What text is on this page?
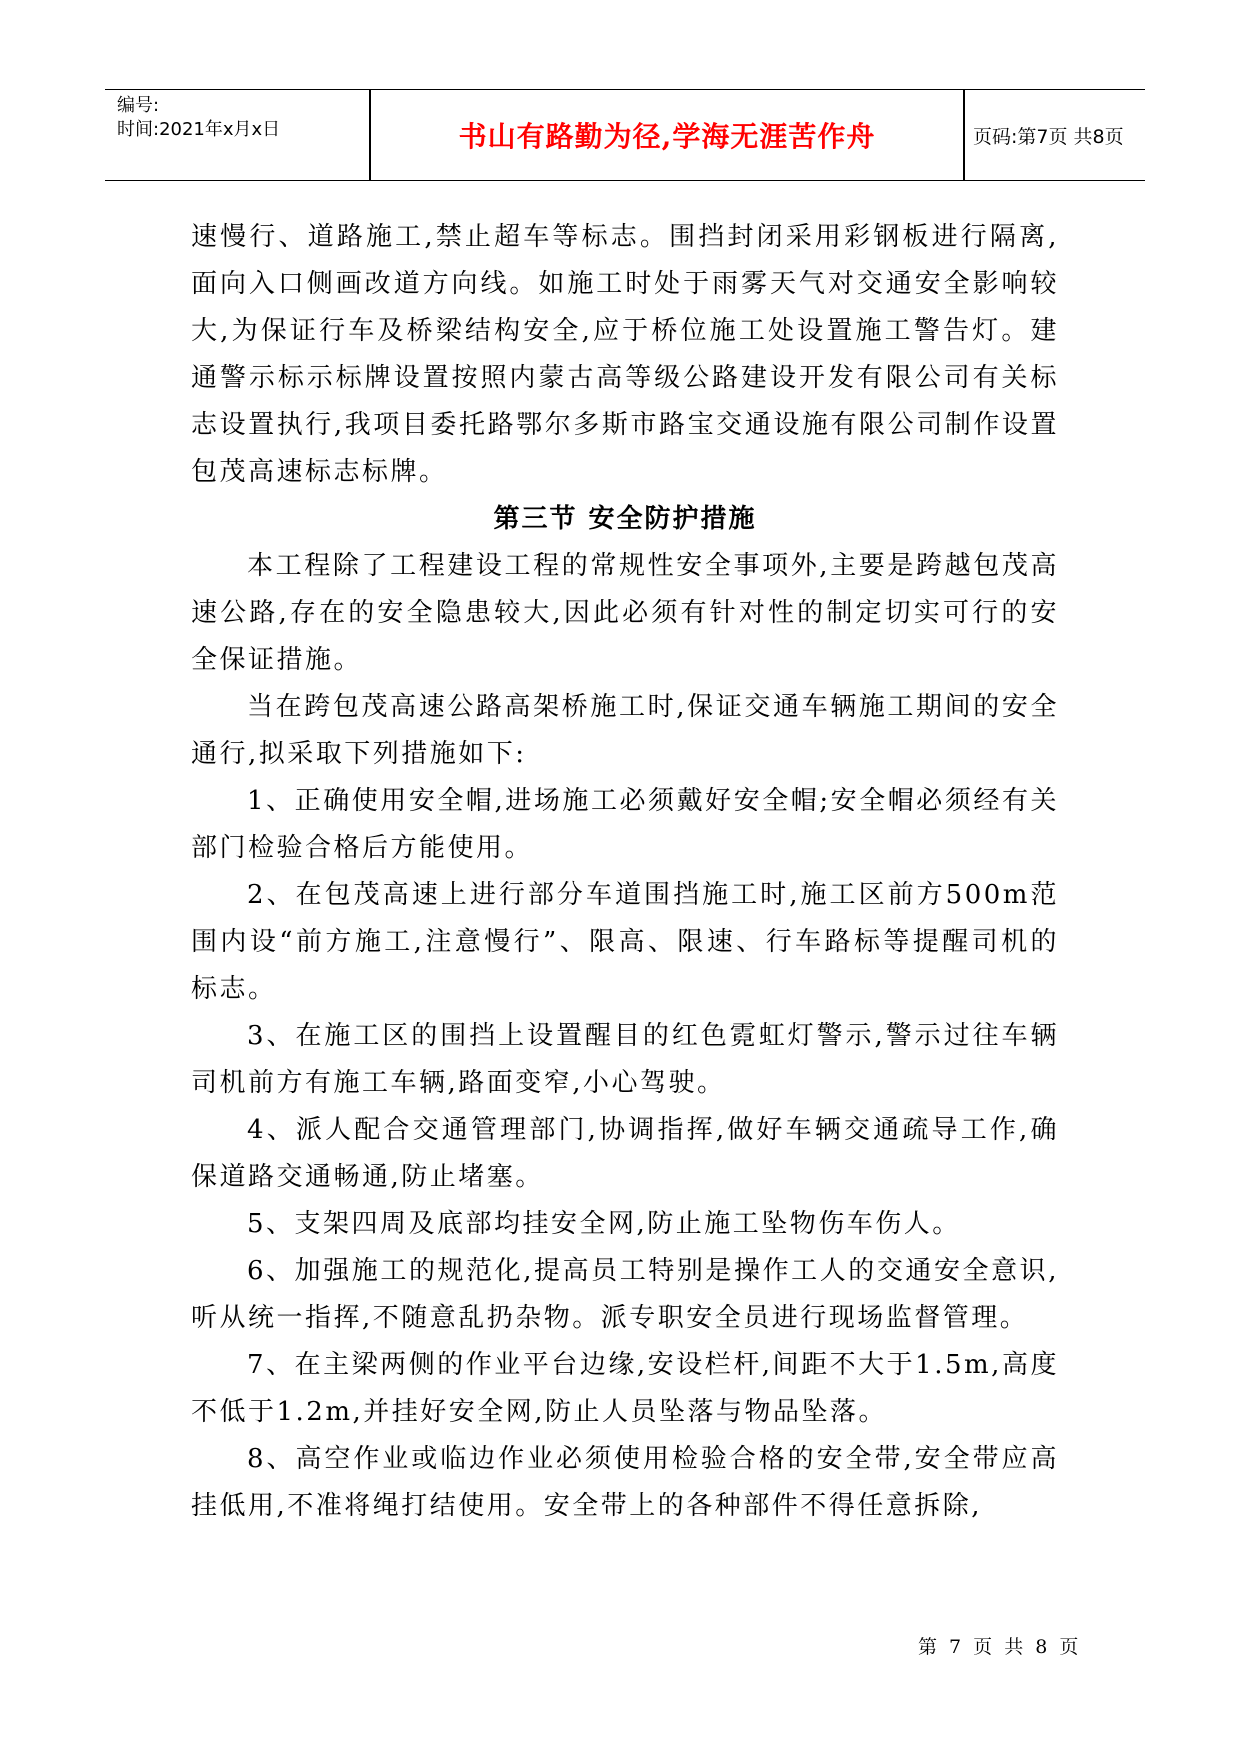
编号:
时间:2021年x月x日	书山有路勤为径,学海无涯苦作舟	页码:第7页 共8页

速慢行、道路施工,禁止超车等标志。围挡封闭采用彩钢板进行隔离,面向入口侧画改道方向线。如施工时处于雨雾天气对交通安全影响较大,为保证行车及桥梁结构安全,应于桥位施工处设置施工警告灯。建通警示标示标牌设置按照内蒙古高等级公路建设开发有限公司有关标志设置执行,我项目委托路鄂尔多斯市路宝交通设施有限公司制作设置包茂高速标志标牌。

第三节 安全防护措施

本工程除了工程建设工程的常规性安全事项外,主要是跨越包茂高速公路,存在的安全隐患较大,因此必须有针对性的制定切实可行的安全保证措施。

当在跨包茂高速公路高架桥施工时,保证交通车辆施工期间的安全通行,拟采取下列措施如下:

1、正确使用安全帽,进场施工必须戴好安全帽;安全帽必须经有关部门检验合格后方能使用。

2、在包茂高速上进行部分车道围挡施工时,施工区前方500m范围内设“前方施工,注意慢行”、限高、限速、行车路标等提醒司机的标志。

3、在施工区的围挡上设置醒目的红色霓虹灯警示,警示过往车辆司机前方有施工车辆,路面变窄,小心驾驶。

4、派人配合交通管理部门,协调指挥,做好车辆交通疏导工作,确保道路交通畅通,防止堵塞。

5、支架四周及底部均挂安全网,防止施工坠物伤车伤人。

6、加强施工的规范化,提高员工特别是操作工人的交通安全意识,听从统一指挥,不随意乱扔杂物。派专职安全员进行现场监督管理。

7、在主梁两侧的作业平台边缘,安设栏杆,间距不大于1.5m,高度不低于1.2m,并挂好安全网,防止人员坠落与物品坠落。

8、高空作业或临边作业必须使用检验合格的安全带,安全带应高挂低用,不准将绳打结使用。安全带上的各种部件不得任意拆除,

第 7 页 共 8 页
